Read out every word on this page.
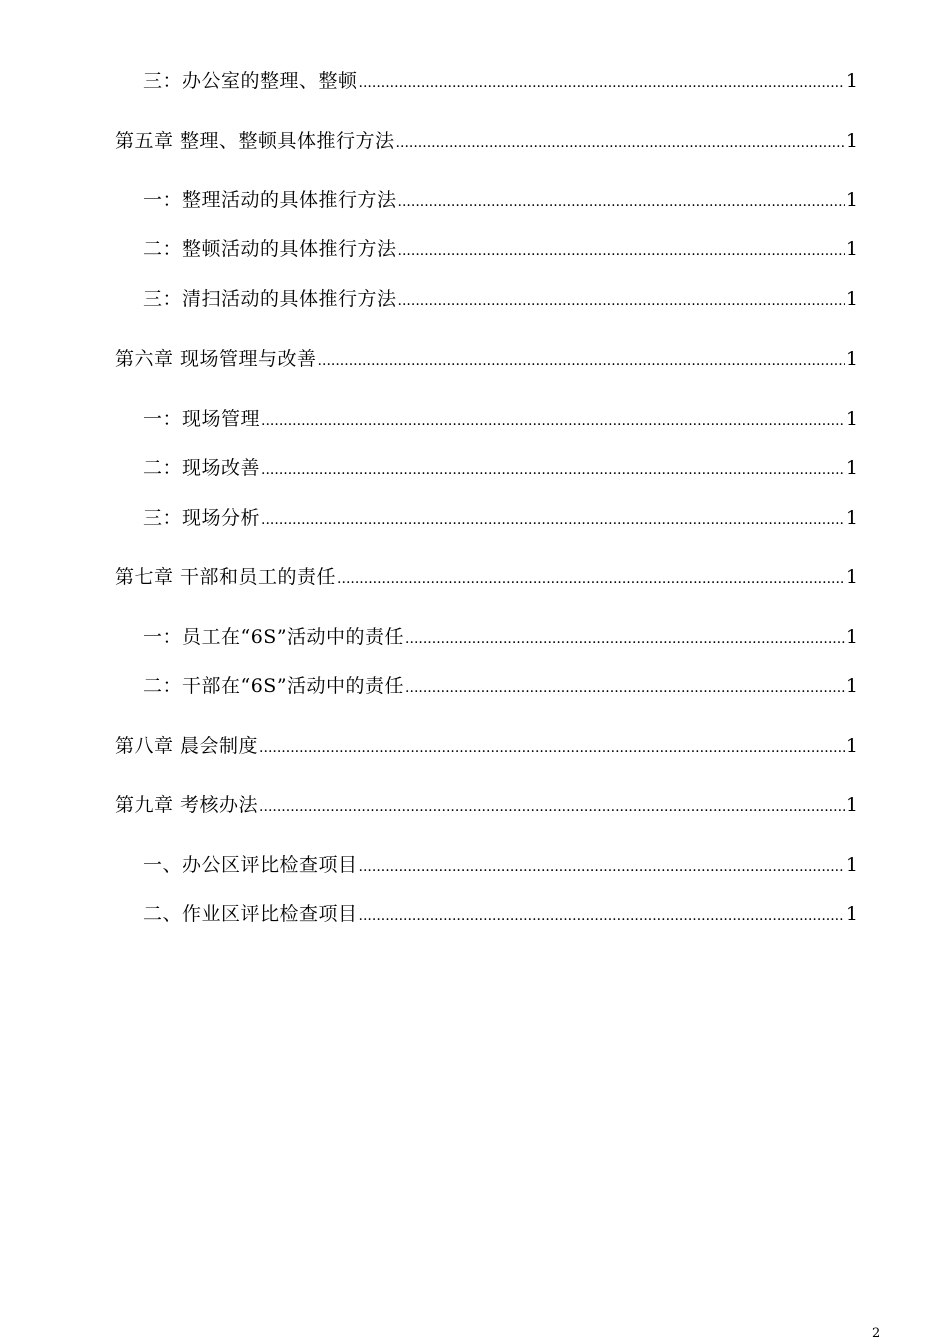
三：办公室的整理、整顿 .....	1
第五章 整理、整顿具体推行方法 .....	1
一：整理活动的具体推行方法 .....	1
二：整顿活动的具体推行方法 .....	1
三：清扫活动的具体推行方法 .....	1
第六章 现场管理与改善 .....	1
一：现场管理 .....	1
二：现场改善 .....	1
三：现场分析 .....	1
第七章 干部和员工的责任 .....	1
一：员工在“6S”活动中的责任 .....	1
二：干部在“6S”活动中的责任 .....	1
第八章 晨会制度 .....	1
第九章 考核办法 .....	1
一、办公区评比检查项目 .....	1
二、作业区评比检查项目 .....	1
2
